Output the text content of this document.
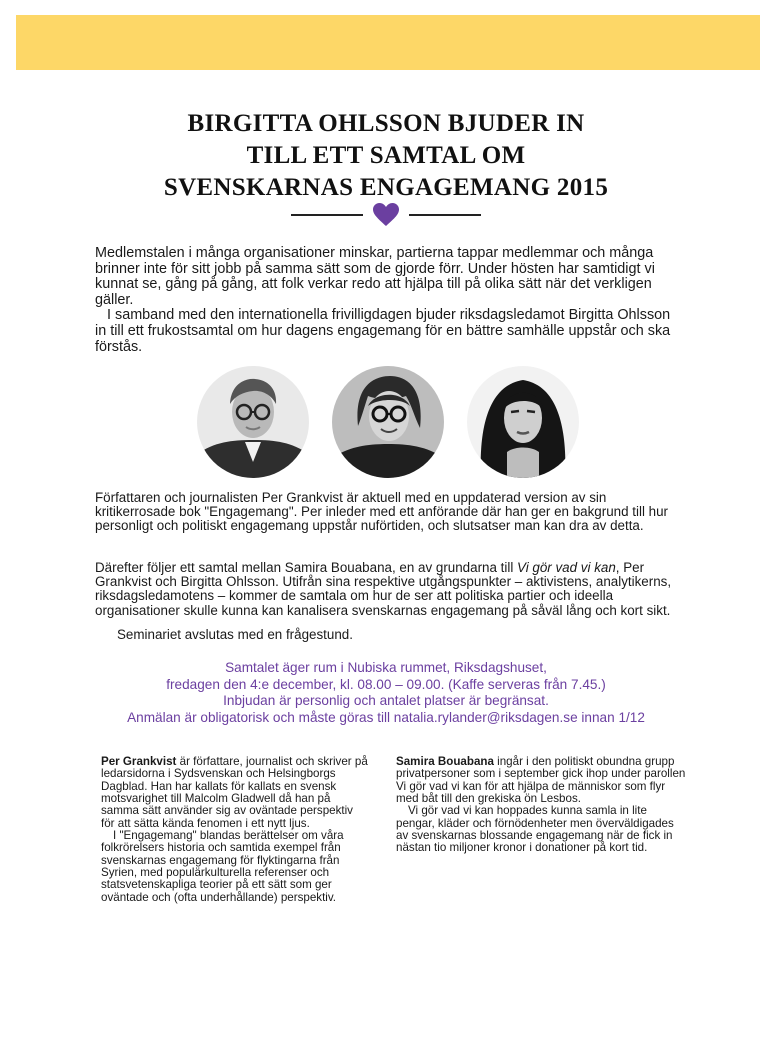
BIRGITTA OHLSSON BJUDER IN
TILL ETT SAMTAL OM
SVENSKARNAS ENGAGEMANG 2015

Medlemstalen i många organisationer minskar, partierna tappar medlemmar och många brinner inte för sitt jobb på samma sätt som de gjorde förr. Under hösten har samtidigt vi kunnat se, gång på gång, att folk verkar redo att hjälpa till på olika sätt när det verkligen gäller.

I samband med den internationella frivilligdagen bjuder riksdagsledamot Birgitta Ohlsson in till ett frukostsamtal om hur dagens engagemang för en bättre samhälle uppstår och ska förstås.

Författaren och journalisten Per Grankvist är aktuell med en uppdaterad version av sin kritikerrosade bok "Engagemang". Per inleder med ett anförande där han ger en bakgrund till hur personligt och politiskt engagemang uppstår nuförtiden, och slutsatser man kan dra av detta.

Därefter följer ett samtal mellan Samira Bouabana, en av grundarna till Vi gör vad vi kan, Per Grankvist och Birgitta Ohlsson. Utifrån sina respektive utgångspunkter – aktivistens, analytikerns, riksdagsledamotens – kommer de samtala om hur de ser att politiska partier och ideella organisationer skulle kunna kan kanalisera svenskarnas engagemang på såväl lång och kort sikt.

Seminariet avslutas med en frågestund.

Samtalet äger rum i Nubiska rummet, Riksdagshuset,
fredagen den 4:e december, kl. 08.00 – 09.00. (Kaffe serveras från 7.45.)
Inbjudan är personlig och antalet platser är begränsat.
Anmälan är obligatorisk och måste göras till natalia.rylander@riksdagen.se innan 1/12

Per Grankvist är författare, journalist och skriver på ledarsidorna i Sydsvenskan och Helsingborgs Dagblad. Han har kallats för kallats en svensk motsvarighet till Malcolm Gladwell då han på samma sätt använder sig av oväntade perspektiv för att sätta kända fenomen i ett nytt ljus.

I "Engagemang" blandas berättelser om våra folkrörelsers historia och samtida exempel från svenskarnas engagemang för flyktingarna från Syrien, med populärkulturella referenser och statsvetenskapliga teorier på ett sätt som ger oväntade och (ofta underhållande) perspektiv.

Samira Bouabana ingår i den politiskt obundna grupp privatpersoner som i september gick ihop under parollen Vi gör vad vi kan för att hjälpa de människor som flyr med båt till den grekiska ön Lesbos.

Vi gör vad vi kan hoppades kunna samla in lite pengar, kläder och förnödenheter men överväldigades av svenskarnas blossande engagemang när de fick in nästan tio miljoner kronor i donationer på kort tid.
